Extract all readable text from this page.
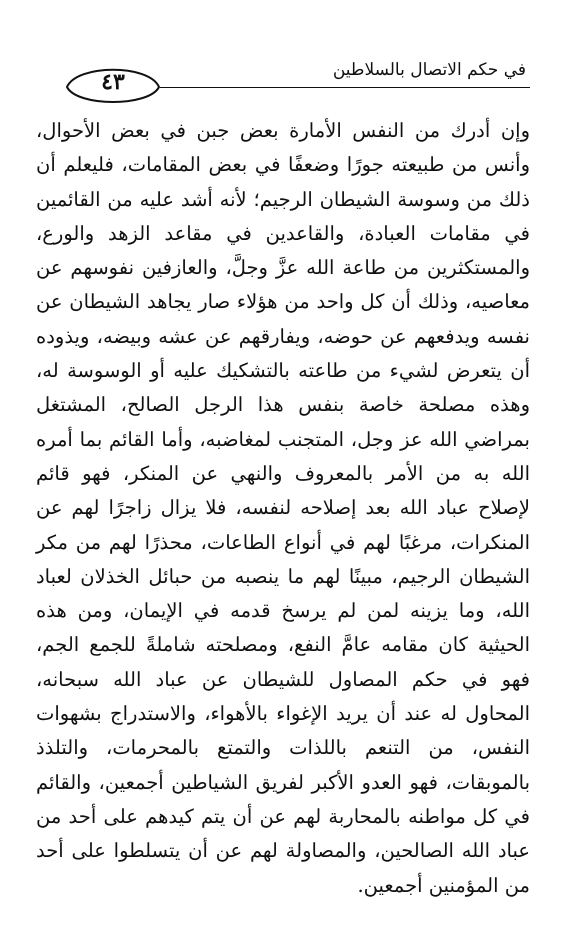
في حكم الاتصال بالسلاطين
٤٣

وإن أدرك من النفس الأمارة بعض جبن في بعض الأحوال، وأنس من طبيعته جورًا وضعفًا في بعض المقامات، فليعلم أن ذلك من وسوسة الشيطان الرجيم؛ لأنه أشد عليه من القائمين في مقامات العبادة، والقاعدين في مقاعد الزهد والورع، والمستكثرين من طاعة الله عزَّ وجلَّ، والعازفين نفوسهم عن معاصيه، وذلك أن كل واحد من هؤلاء صار يجاهد الشيطان عن نفسه ويدفعهم عن حوضه، ويفارقهم عن عشه وبيضه، ويذوده أن يتعرض لشيء من طاعته بالتشكيك عليه أو الوسوسة له، وهذه مصلحة خاصة بنفس هذا الرجل الصالح، المشتغل بمراضي الله عز وجل، المتجنب لمغاضبه، وأما القائم بما أمره الله به من الأمر بالمعروف والنهي عن المنكر، فهو قائم لإصلاح عباد الله بعد إصلاحه لنفسه، فلا يزال زاجرًا لهم عن المنكرات، مرغبًا لهم في أنواع الطاعات، محذرًا لهم من مكر الشيطان الرجيم، مبينًا لهم ما ينصبه من حبائل الخذلان لعباد الله، وما يزينه لمن لم يرسخ قدمه في الإيمان، ومن هذه الحيثية كان مقامه عامَّ النفع، ومصلحته شاملةً للجمع الجم، فهو في حكم المصاول للشيطان عن عباد الله سبحانه، المحاول له عند أن يريد الإغواء بالأهواء، والاستدراج بشهوات النفس، من التنعم باللذات والتمتع بالمحرمات، والتلذذ بالموبقات، فهو العدو الأكبر لفريق الشياطين أجمعين، والقائم في كل مواطنه بالمحاربة لهم عن أن يتم كيدهم على أحد من عباد الله الصالحين، والمصاولة لهم عن أن يتسلطوا على أحد من المؤمنين أجمعين.
